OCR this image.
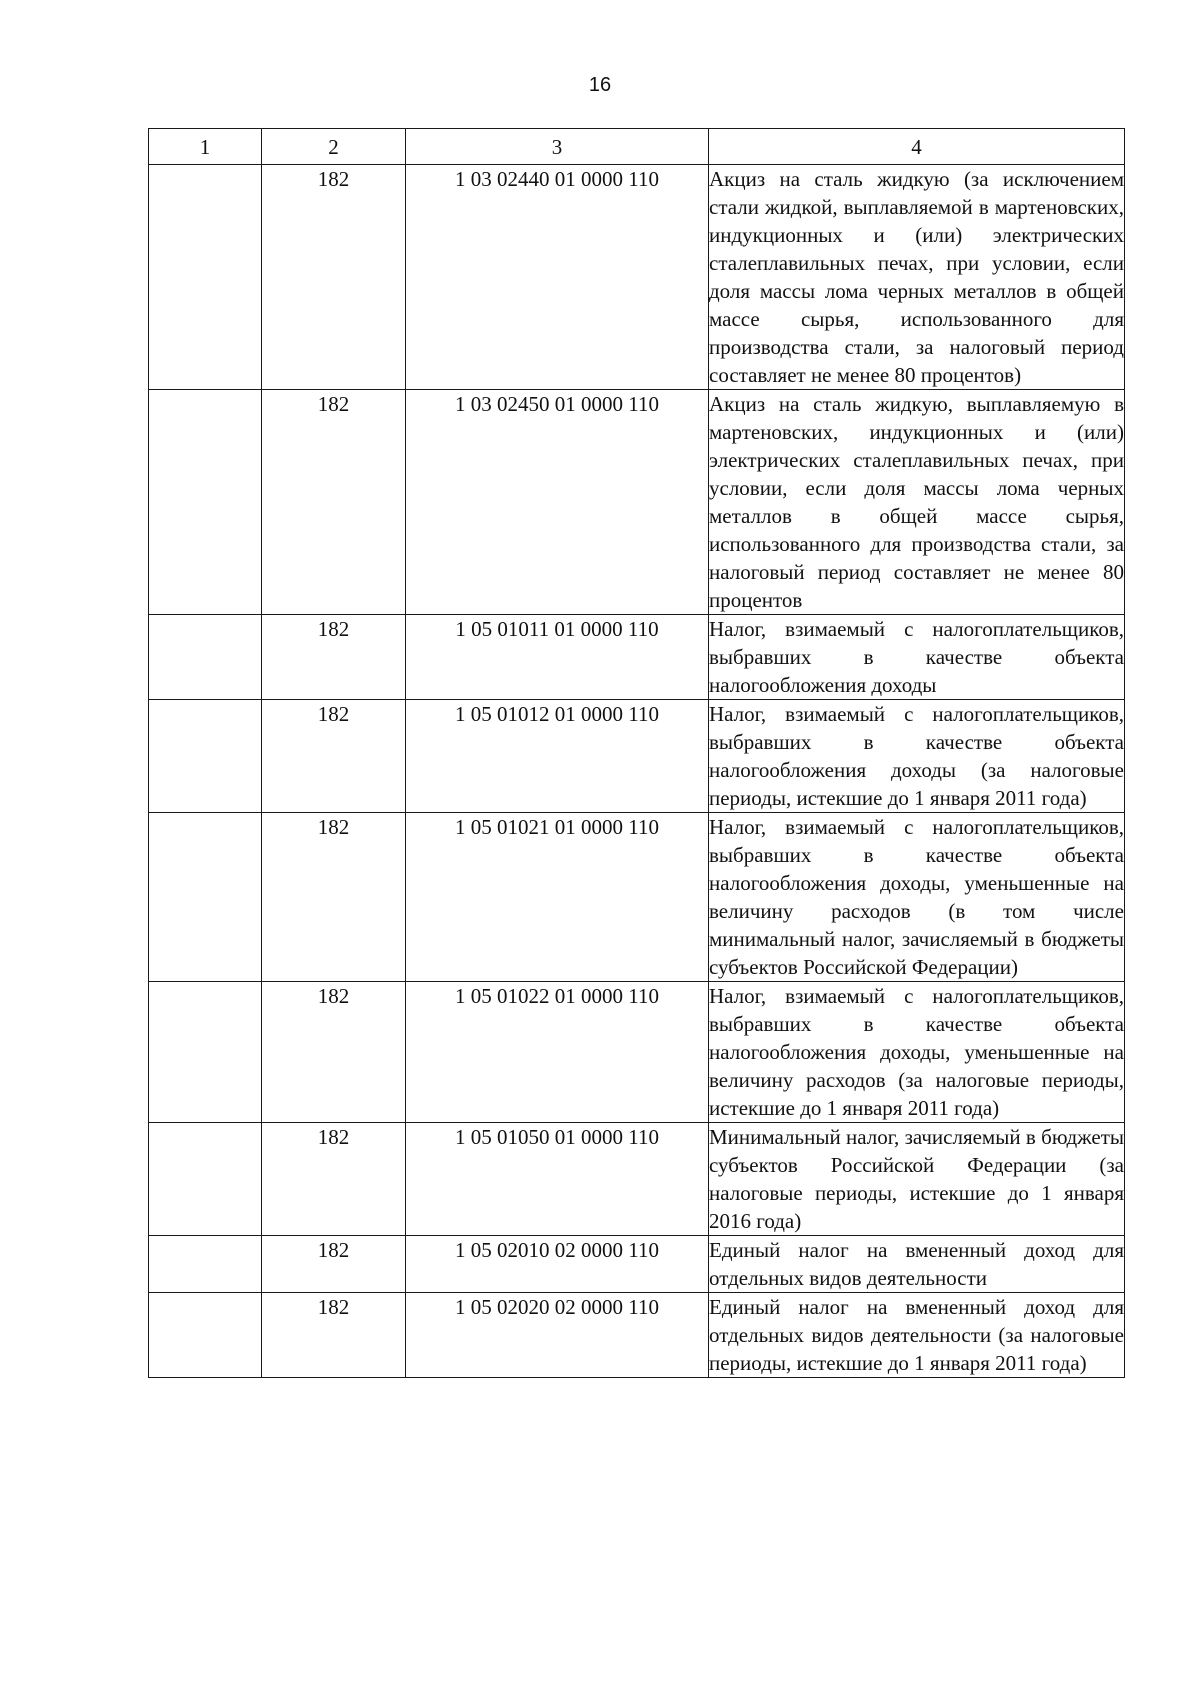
16
1	2	3	4
	182	1 03 02440 01 0000 110	Акциз на сталь жидкую (за исключением стали жидкой, выплавляемой в мартеновских, индукционных и (или) электрических сталеплавильных печах, при условии, если доля массы лома черных металлов в общей массе сырья, использованного для производства стали, за налоговый период составляет не менее 80 процентов)
	182	1 03 02450 01 0000 110	Акциз на сталь жидкую, выплавляемую в мартеновских, индукционных и (или) электрических сталеплавильных печах, при условии, если доля массы лома черных металлов в общей массе сырья, использованного для производства стали, за налоговый период составляет не менее 80 процентов
	182	1 05 01011 01 0000 110	Налог, взимаемый с налогоплательщиков, выбравших в качестве объекта налогообложения доходы
	182	1 05 01012 01 0000 110	Налог, взимаемый с налогоплательщиков, выбравших в качестве объекта налогообложения доходы (за налоговые периоды, истекшие до 1 января 2011 года)
	182	1 05 01021 01 0000 110	Налог, взимаемый с налогоплательщиков, выбравших в качестве объекта налогообложения доходы, уменьшенные на величину расходов (в том числе минимальный налог, зачисляемый в бюджеты субъектов Российской Федерации)
	182	1 05 01022 01 0000 110	Налог, взимаемый с налогоплательщиков, выбравших в качестве объекта налогообложения доходы, уменьшенные на величину расходов (за налоговые периоды, истекшие до 1 января 2011 года)
	182	1 05 01050 01 0000 110	Минимальный налог, зачисляемый в бюджеты субъектов Российской Федерации (за налоговые периоды, истекшие до 1 января 2016 года)
	182	1 05 02010 02 0000 110	Единый налог на вмененный доход для отдельных видов деятельности
	182	1 05 02020 02 0000 110	Единый налог на вмененный доход для отдельных видов деятельности (за налоговые периоды, истекшие до 1 января 2011 года)
